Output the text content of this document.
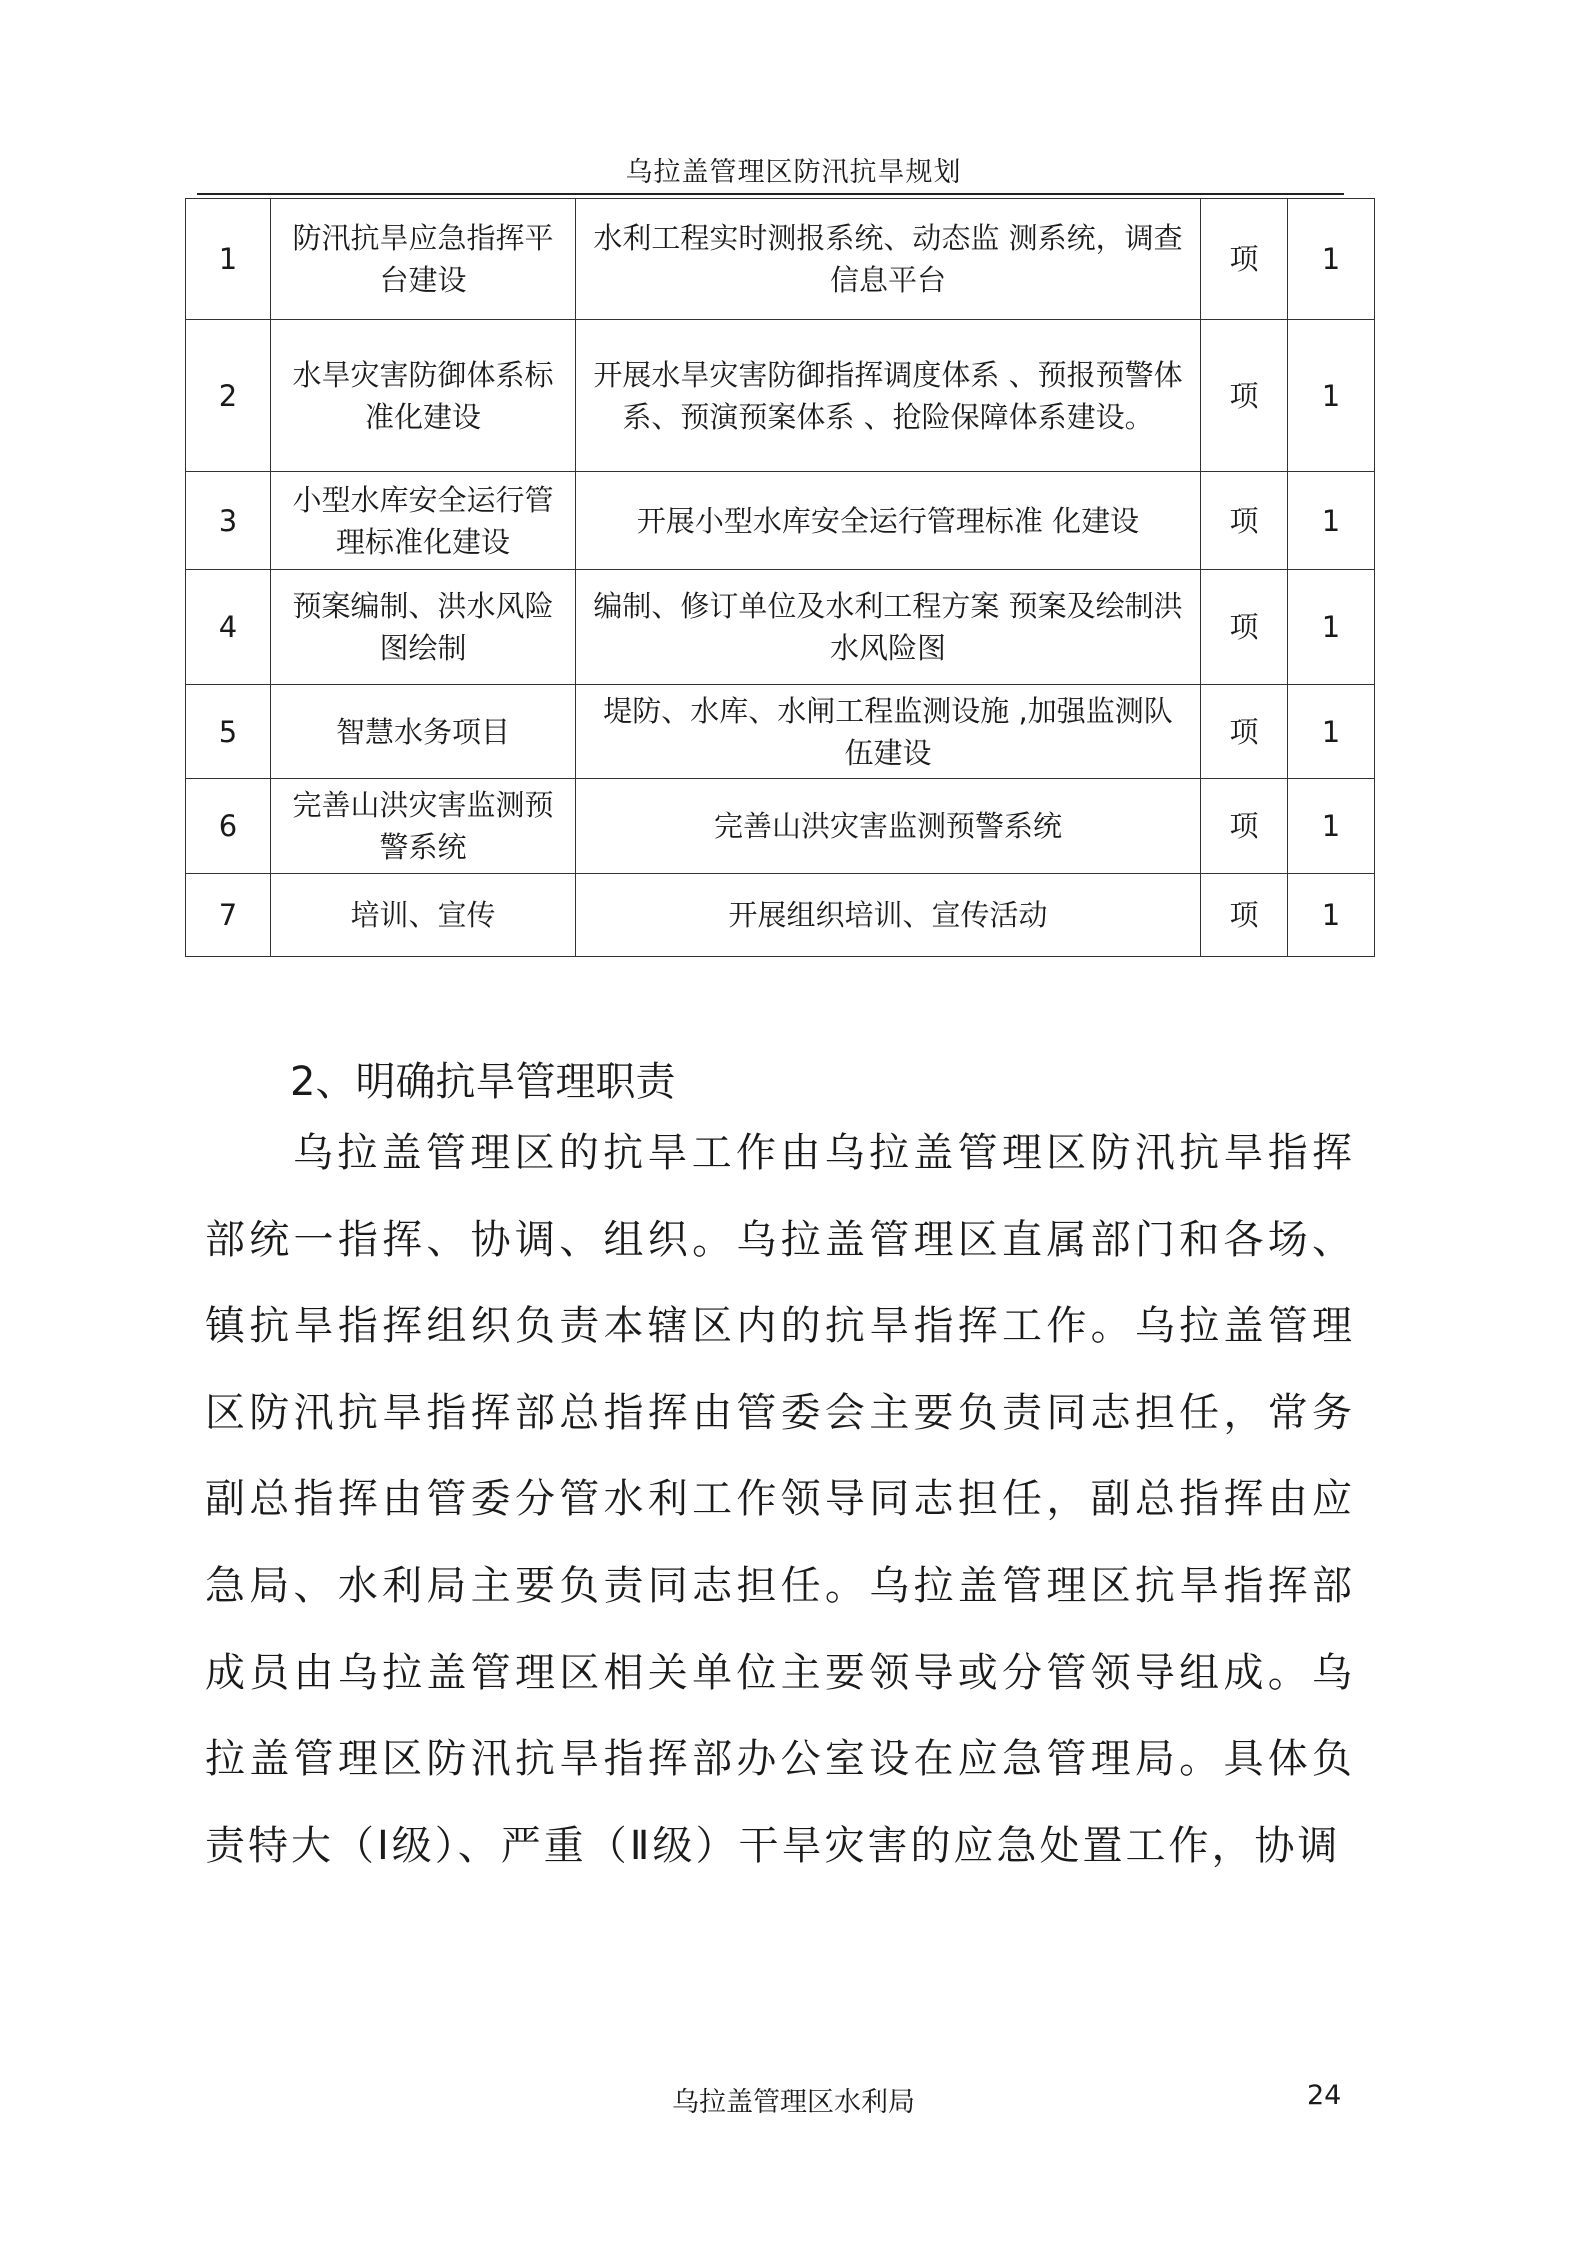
乌拉盖管理区防汛抗旱规划
1	防汛抗旱应急指挥平台建设	水利工程实时测报系统、动态监 测系统，调查信息平台	项	1
2	水旱灾害防御体系标准化建设	开展水旱灾害防御指挥调度体系 、预报预警体系、预演预案体系 、抢险保障体系建设。	项	1
3	小型水库安全运行管理标准化建设	开展小型水库安全运行管理标准 化建设	项	1
4	预案编制、洪水风险图绘制	编制、修订单位及水利工程方案 预案及绘制洪水风险图	项	1
5	智慧水务项目	堤防、水库、水闸工程监测设施 ,加强监测队伍建设	项	1
6	完善山洪灾害监测预警系统	完善山洪灾害监测预警系统	项	1
7	培训、宣传	开展组织培训、宣传活动	项	1
2、明确抗旱管理职责
乌拉盖管理区的抗旱工作由乌拉盖管理区防汛抗旱指挥部统一指挥、协调、组织。乌拉盖管理区直属部门和各场、镇抗旱指挥组织负责本辖区内的抗旱指挥工作。乌拉盖管理区防汛抗旱指挥部总指挥由管委会主要负责同志担任，常务副总指挥由管委分管水利工作领导同志担任，副总指挥由应急局、水利局主要负责同志担任。乌拉盖管理区抗旱指挥部成员由乌拉盖管理区相关单位主要领导或分管领导组成。乌拉盖管理区防汛抗旱指挥部办公室设在应急管理局。具体负责特大（Ⅰ级）、严重（Ⅱ级）干旱灾害的应急处置工作，协调
乌拉盖管理区水利局	24
